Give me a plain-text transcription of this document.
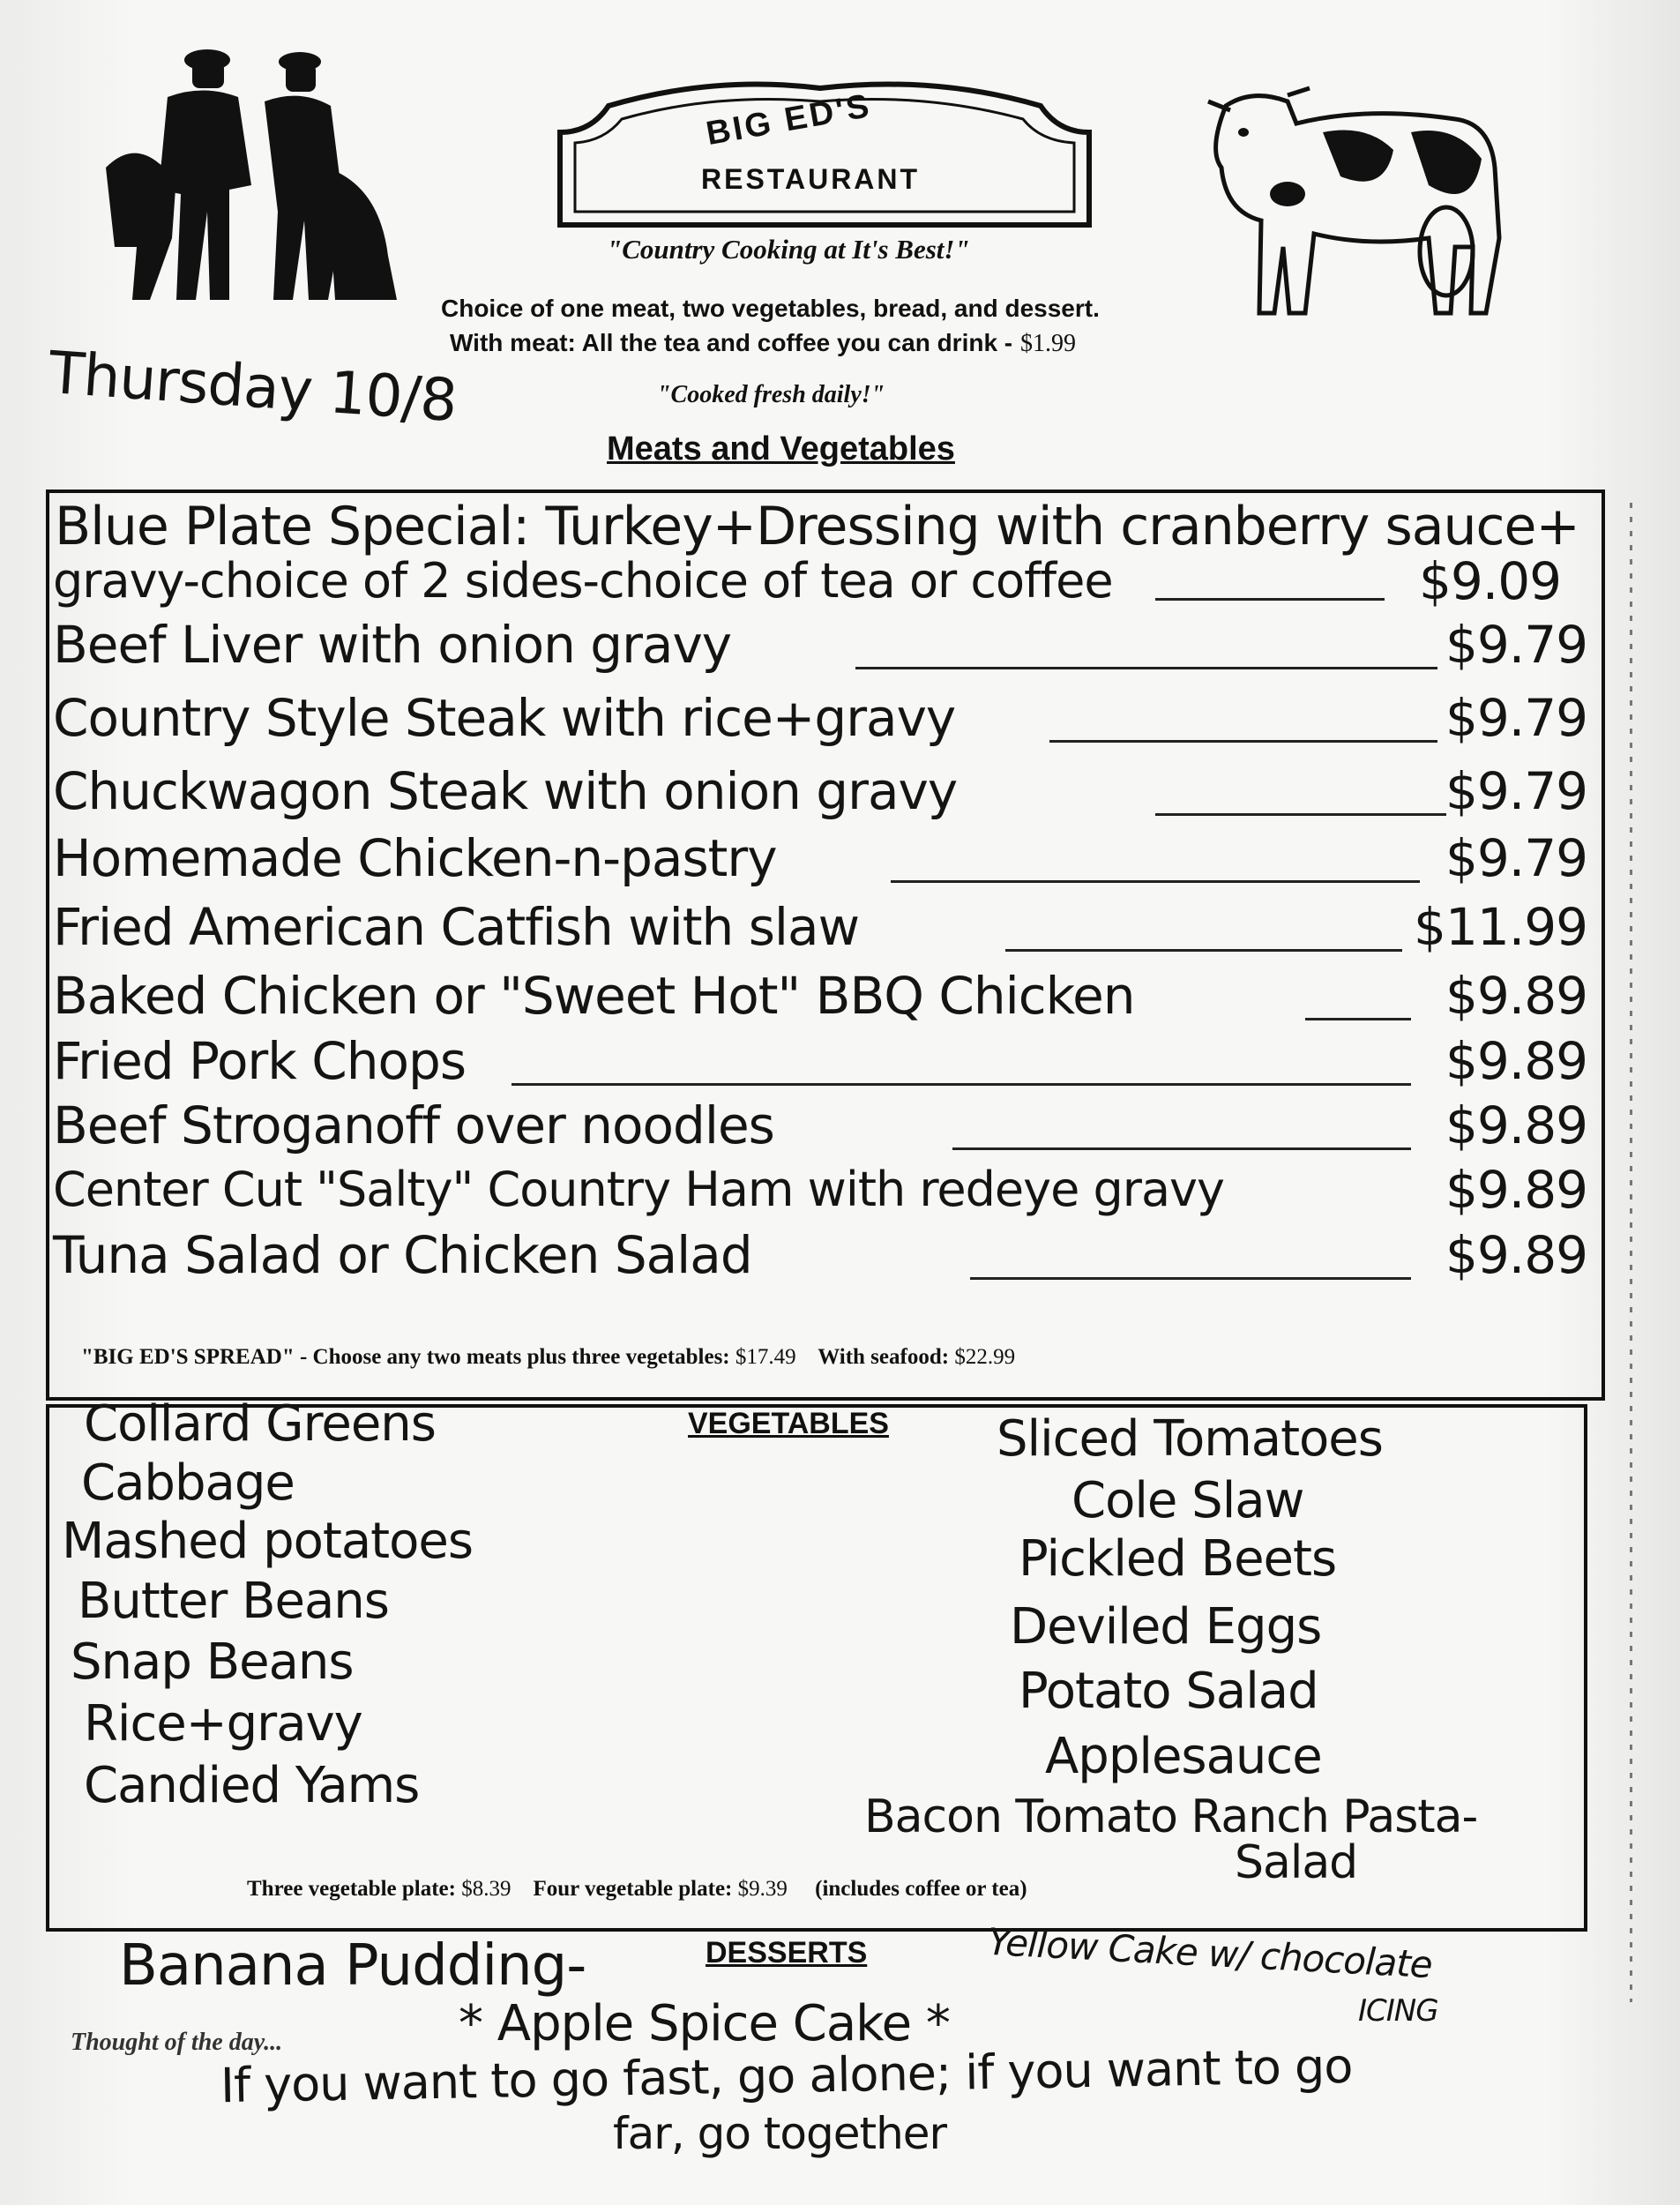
BIG ED'S
RESTAURANT
"Country Cooking at It's Best!"
Choice of one meat, two vegetables, bread, and dessert.
With meat: All the tea and coffee you can drink - $1.99
"Cooked fresh daily!"
Thursday 10/8
Meats and Vegetables
Blue Plate Special: Turkey+Dressing with cranberry sauce+
gravy-choice of 2 sides-choice of tea or coffee	$9.09
Beef Liver with onion gravy	$9.79
Country Style Steak with rice+gravy	$9.79
Chuckwagon Steak with onion gravy	$9.79
Homemade Chicken-n-pastry	$9.79
Fried American Catfish with slaw	$11.99
Baked Chicken or "Sweet Hot" BBQ Chicken	$9.89
Fried Pork Chops	$9.89
Beef Stroganoff over noodles	$9.89
Center Cut "Salty" Country Ham with redeye gravy	$9.89
Tuna Salad or Chicken Salad	$9.89
"BIG ED'S SPREAD" - Choose any two meats plus three vegetables: $17.49 With seafood: $22.99
VEGETABLES
Collard Greens
Cabbage
Mashed potatoes
Butter Beans
Snap Beans
Rice+gravy
Candied Yams
Sliced Tomatoes
Cole Slaw
Pickled Beets
Deviled Eggs
Potato Salad
Applesauce
Bacon Tomato Ranch Pasta-
Salad
Three vegetable plate: $8.39 Four vegetable plate: $9.39 (includes coffee or tea)
DESSERTS
Banana Pudding-
* Apple Spice Cake *
Yellow Cake w/ chocolate
ICING
Thought of the day...
If you want to go fast, go alone; if you want to go
far, go together
